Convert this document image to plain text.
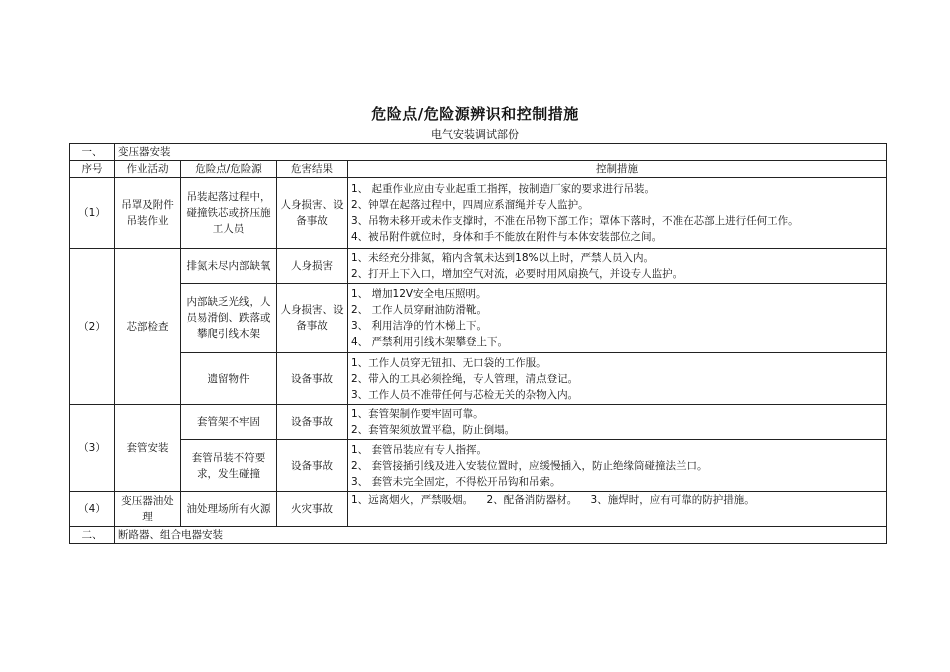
危险点/危险源辨识和控制措施
电气安装调试部份
一、	变压器安装			
序号	作业活动	危险点/危险源	危害结果	控制措施
（1）	吊罩及附件吊装作业	吊装起落过程中，碰撞铁芯或挤压施工人员	人身损害、设备事故	1、 起重作业应由专业起重工指挥，按制造厂家的要求进行吊装。

2、钟罩在起落过程中，四周应系溜绳并专人监护。

3、吊物未移开或未作支撑时，不准在吊物下部工作；罩体下落时，不准在芯部上进行任何工作。

4、被吊附件就位时，身体和手不能放在附件与本体安装部位之间。

（2）	芯部检查	排氮未尽内部缺氧	人身损害	1、未经充分排氮，箱内含氧未达到18%以上时，严禁人员入内。

2、打开上下入口，增加空气对流，必要时用风扇换气，并设专人监护。

		内部缺乏光线，人员易滑倒、跌落或攀爬引线木架	人身损害、设备事故	1、 增加12V安全电压照明。

2、 工作人员穿耐油防滑靴。

3、 利用洁净的竹木梯上下。

4、 严禁利用引线木架攀登上下。

		遗留物件	设备事故	1、工作人员穿无钮扣、无口袋的工作服。

2、带入的工具必须拴绳，专人管理，清点登记。

3、工作人员不准带任何与芯检无关的杂物入内。

（3）	套管安装	套管架不牢固	设备事故	1、套管架制作要牢固可靠。

2、套管架须放置平稳，防止倒塌。

		套管吊装不符要求，发生碰撞	设备事故	1、 套管吊装应有专人指挥。

2、 套管接插引线及进入安装位置时，应缓慢插入，防止绝缘筒碰撞法兰口。

3、 套管未完全固定，不得松开吊钩和吊索。

（4）	变压器油处理	油处理场所有火源	火灾事故	1、远离烟火，严禁吸烟。    2、配备消防器材。    3、施焊时，应有可靠的防护措施。

二、	断路器、组合电器安装			
